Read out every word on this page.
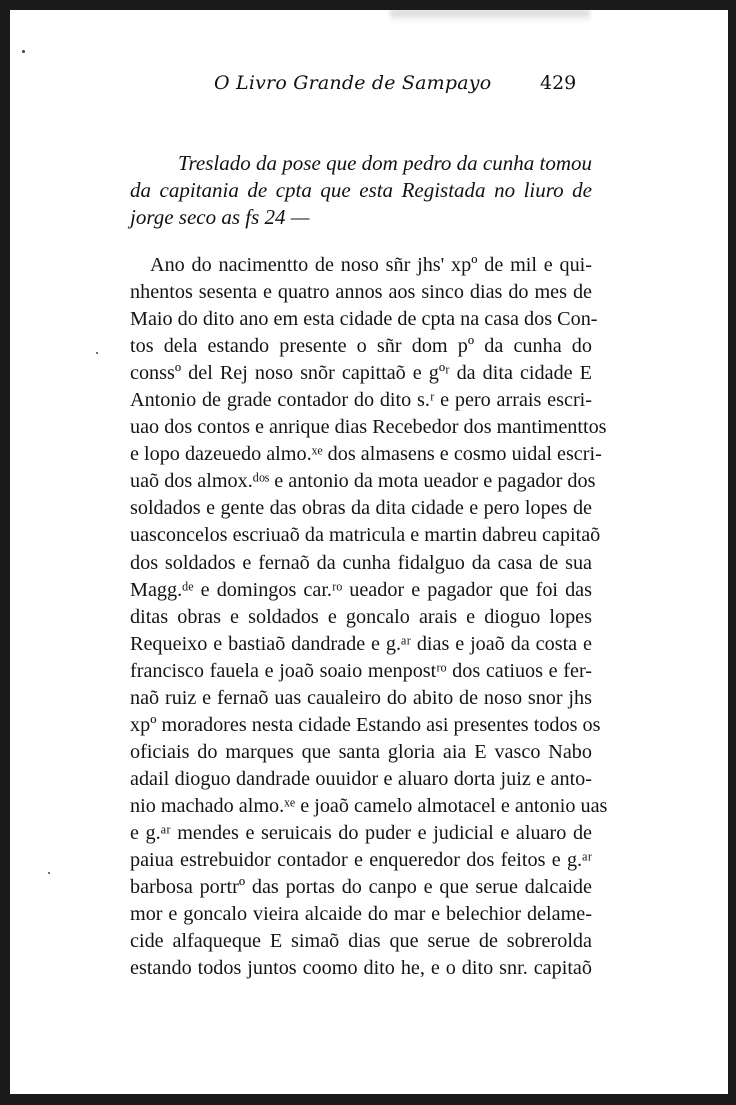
O Livro Grande de Sampayo	429
Treslado da pose que dom pedro da cunha tomou da capitania de cpta que esta Registada no liuro de jorge seco as fs 24 —
Ano do nacimentto de noso sñr jhs' xpº de mil e qui-
nhentos sesenta e quatro annos aos sinco dias do mes de
Maio do dito ano em esta cidade de cpta na casa dos Con-
tos dela estando presente o sñr dom pº da cunha do
conssº del Rej noso snõr capittaõ e gºʳ da dita cidade E
Antonio de grade contador do dito s.ʳ e pero arrais escri-
uao dos contos e anrique dias Recebedor dos mantimenttos
e lopo dazeuedo almo.ˣᵉ dos almasens e cosmo uidal escri-
uaõ dos almox.ᵈᵒˢ e antonio da mota ueador e pagador dos
soldados e gente das obras da dita cidade e pero lopes de
uasconcelos escriuaõ da matricula e martin dabreu capitaõ
dos soldados e fernaõ da cunha fidalguo da casa de sua
Magg.ᵈᵉ e domingos car.ʳᵒ ueador e pagador que foi das
ditas obras e soldados e goncalo arais e dioguo lopes
Requeixo e bastiaõ dandrade e g.ᵃʳ dias e joaõ da costa e
francisco fauela e joaõ soaio menpostʳᵒ dos catiuos e fer-
naõ ruiz e fernaõ uas caualeiro do abito de noso snor jhs
xpº moradores nesta cidade Estando asi presentes todos os
oficiais do marques que santa gloria aia E vasco Nabo
adail dioguo dandrade ouuidor e aluaro dorta juiz e anto-
nio machado almo.ˣᵉ e joaõ camelo almotacel e antonio uas
e g.ᵃʳ mendes e seruicais do puder e judicial e aluaro de
paiua estrebuidor contador e enqueredor dos feitos e g.ᵃʳ
barbosa portrº das portas do canpo e que serue dalcaide
mor e goncalo vieira alcaide do mar e belechior delame-
cide alfaqueque E simaõ dias que serue de sobrerolda
estando todos juntos coomo dito he, e o dito snr. capitaõ
